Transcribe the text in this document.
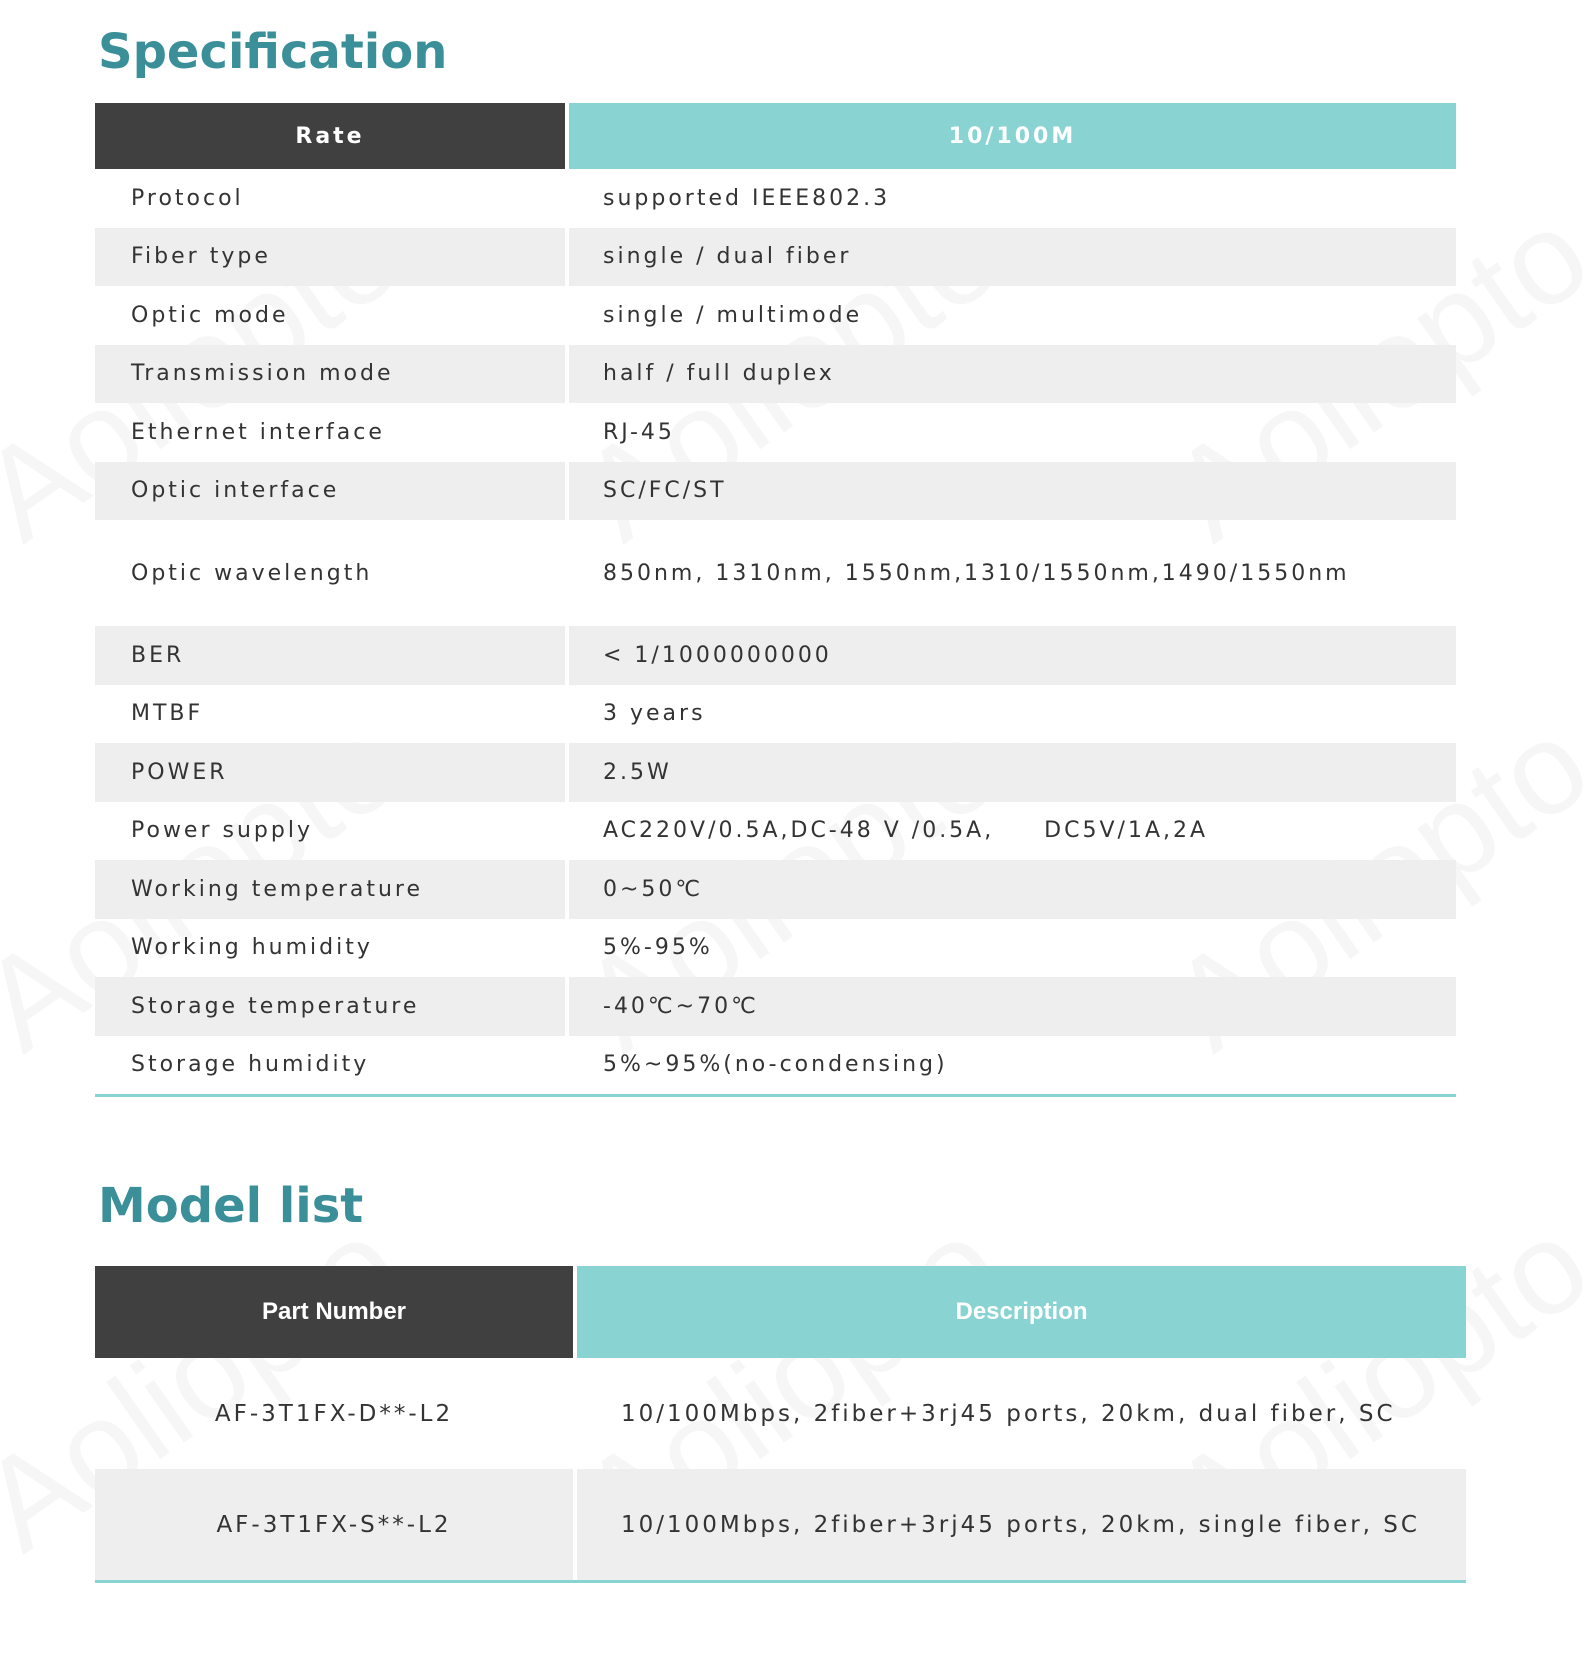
Specification
Rate	10/100M
Protocol	supported IEEE802.3
Fiber type	single / dual fiber
Optic mode	single / multimode
Transmission mode	half / full duplex
Ethernet interface	RJ-45
Optic interface	SC/FC/ST
Optic wavelength	850nm, 1310nm, 1550nm,1310/1550nm,1490/1550nm
BER	< 1/1000000000
MTBF	3 years
POWER	2.5W
Power supply	AC220V/0.5A,DC-48 V /0.5A,     DC5V/1A,2A
Working temperature	0~50℃
Working humidity	5%-95%
Storage temperature	-40℃~70℃
Storage humidity	5%~95%(no-condensing)
Model list
Part Number	Description
AF-3T1FX-D**-L2	10/100Mbps, 2fiber+3rj45 ports, 20km, dual fiber, SC
AF-3T1FX-S**-L2	10/100Mbps, 2fiber+3rj45 ports, 20km, single fiber, SC
